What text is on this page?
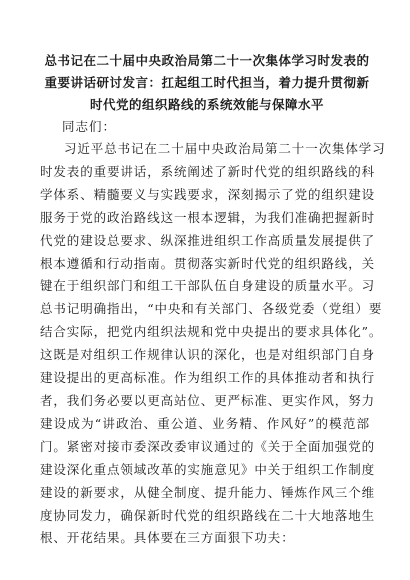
总书记在二十届中央政治局第二十一次集体学习时发表的
重要讲话研讨发言：扛起组工时代担当，着力提升贯彻新
时代党的组织路线的系统效能与保障水平
同志们：
习近平总书记在二十届中央政治局第二十一次集体学习
时发表的重要讲话，系统阐述了新时代党的组织路线的科
学体系、精髓要义与实践要求，深刻揭示了党的组织建设
服务于党的政治路线这一根本逻辑，为我们准确把握新时
代党的建设总要求、纵深推进组织工作高质量发展提供了
根本遵循和行动指南。贯彻落实新时代党的组织路线，关
键在于组织部门和组工干部队伍自身建设的质量水平。习
总书记明确指出，“中央和有关部门、各级党委（党组）要
结合实际，把党内组织法规和党中央提出的要求具体化”。
这既是对组织工作规律认识的深化，也是对组织部门自身
建设提出的更高标准。作为组织工作的具体推动者和执行
者，我们务必要以更高站位、更严标准、更实作风，努力
建设成为“讲政治、重公道、业务精、作风好”的模范部
门。紧密对接市委深改委审议通过的《关于全面加强党的
建设深化重点领域改革的实施意见》中关于组织工作制度
建设的新要求，从健全制度、提升能力、锤炼作风三个维
度协同发力，确保新时代党的组织路线在二十大地落地生
根、开花结果。具体要在三方面狠下功夫：
